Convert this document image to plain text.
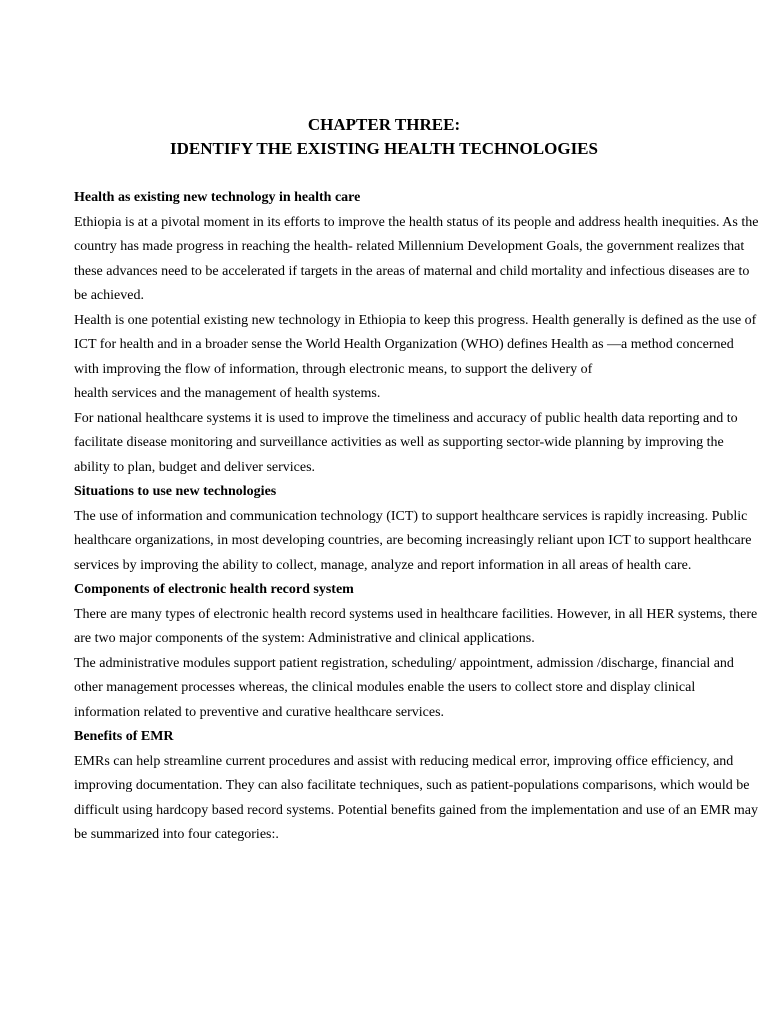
CHAPTER THREE:
IDENTIFY THE EXISTING HEALTH TECHNOLOGIES
Health as existing new technology in health care

Ethiopia is at a pivotal moment in its efforts to improve the health status of its people and address health inequities. As the
country has made progress in reaching the health- related Millennium Development Goals, the government realizes that
these advances need to be accelerated if targets in the areas of maternal and child mortality and infectious diseases are to
be achieved.

Health is one potential existing new technology in Ethiopia to keep this progress. Health generally is defined as the use of
ICT for health and in a broader sense the World Health Organization (WHO) defines Health as —a method concerned
with improving the flow of information, through electronic means, to support the delivery of
health services and the management of health systems.

For national healthcare systems it is used to improve the timeliness and accuracy of public health data reporting and to
facilitate disease monitoring and surveillance activities as well as supporting sector-wide planning by improving the
ability to plan, budget and deliver services.

Situations to use new technologies

The use of information and communication technology (ICT) to support healthcare services is rapidly increasing. Public
healthcare organizations, in most developing countries, are becoming increasingly reliant upon ICT to support healthcare
services by improving the ability to collect, manage, analyze and report information in all areas of health care.

Components of electronic health record system

There are many types of electronic health record systems used in healthcare facilities. However, in all HER systems, there
are two major components of the system: Administrative and clinical applications.

The administrative modules support patient registration, scheduling/ appointment, admission /discharge, financial and
other management processes whereas, the clinical modules enable the users to collect store and display clinical
information related to preventive and curative healthcare services.

Benefits of EMR

EMRs can help streamline current procedures and assist with reducing medical error, improving office efficiency, and
improving documentation. They can also facilitate techniques, such as patient-populations comparisons, which would be
difficult using hardcopy based record systems. Potential benefits gained from the implementation and use of an EMR may
be summarized into four categories:.
